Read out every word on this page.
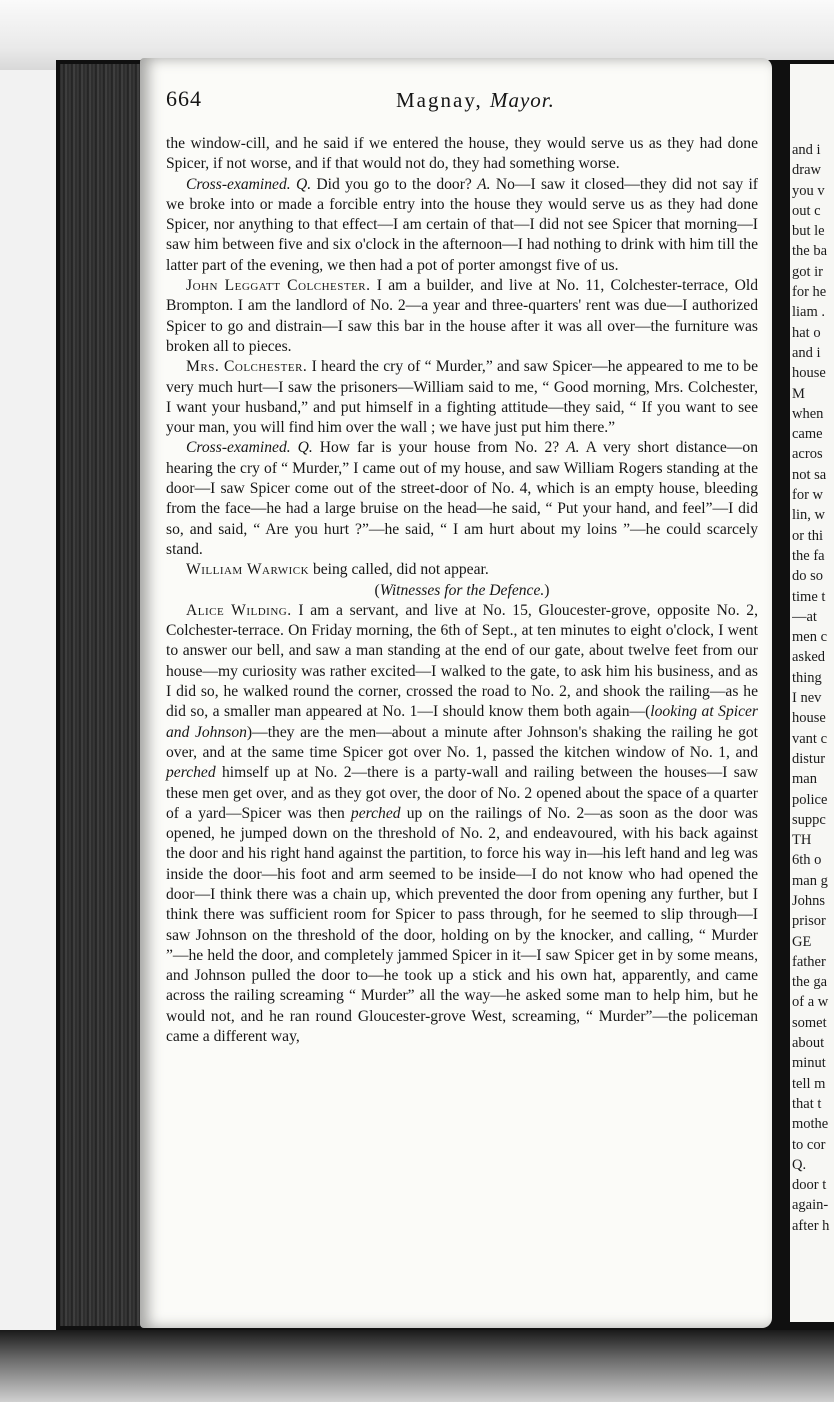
664	Magnay, Mayor.

the window-cill, and he said if we entered the house, they would serve us as they had done Spicer, if not worse, and if that would not do, they had something worse.

Cross-examined. Q. Did you go to the door? A. No—I saw it closed—they did not say if we broke into or made a forcible entry into the house they would serve us as they had done Spicer, nor anything to that effect—I am certain of that—I did not see Spicer that morning—I saw him between five and six o'clock in the afternoon—I had nothing to drink with him till the latter part of the evening, we then had a pot of porter amongst five of us.

John Leggatt Colchester. I am a builder, and live at No. 11, Colchester-terrace, Old Brompton. I am the landlord of No. 2—a year and three-quarters' rent was due—I authorized Spicer to go and distrain—I saw this bar in the house after it was all over—the furniture was broken all to pieces.

Mrs. Colchester. I heard the cry of “ Murder,” and saw Spicer—he appeared to me to be very much hurt—I saw the prisoners—William said to me, “ Good morning, Mrs. Colchester, I want your husband,” and put himself in a fighting attitude—they said, “ If you want to see your man, you will find him over the wall ; we have just put him there.”

Cross-examined. Q. How far is your house from No. 2? A. A very short distance—on hearing the cry of “ Murder,” I came out of my house, and saw William Rogers standing at the door—I saw Spicer come out of the street-door of No. 4, which is an empty house, bleeding from the face—he had a large bruise on the head—he said, “ Put your hand, and feel”—I did so, and said, “ Are you hurt ?”—he said, “ I am hurt about my loins ”—he could scarcely stand.

William Warwick being called, did not appear.

(Witnesses for the Defence.)

Alice Wilding. I am a servant, and live at No. 15, Gloucester-grove, opposite No. 2, Colchester-terrace. On Friday morning, the 6th of Sept., at ten minutes to eight o'clock, I went to answer our bell, and saw a man standing at the end of our gate, about twelve feet from our house—my curiosity was rather excited—I walked to the gate, to ask him his business, and as I did so, he walked round the corner, crossed the road to No. 2, and shook the railing—as he did so, a smaller man appeared at No. 1—I should know them both again—(looking at Spicer and Johnson)—they are the men—about a minute after Johnson's shaking the railing he got over, and at the same time Spicer got over No. 1, passed the kitchen window of No. 1, and perched himself up at No. 2—there is a party-wall and railing between the houses—I saw these men get over, and as they got over, the door of No. 2 opened about the space of a quarter of a yard—Spicer was then perched up on the railings of No. 2—as soon as the door was opened, he jumped down on the threshold of No. 2, and endeavoured, with his back against the door and his right hand against the partition, to force his way in—his left hand and leg was inside the door—his foot and arm seemed to be inside—I do not know who had opened the door—I think there was a chain up, which prevented the door from opening any further, but I think there was sufficient room for Spicer to pass through, for he seemed to slip through—I saw Johnson on the threshold of the door, holding on by the knocker, and calling, “ Murder ”—he held the door, and completely jammed Spicer in it—I saw Spicer get in by some means, and Johnson pulled the door to—he took up a stick and his own hat, apparently, and came across the railing screaming “ Murder” all the way—he asked some man to help him, but he would not, and he ran round Gloucester-grove West, screaming, “ Murder”—the policeman came a different way,

and i
draw
you v
out c
but le
the ba
got ir
for he
liam .
hat o
and i
house
M
when
came
acros
not sa
for w
lin, w
or thi
the fa
do so
time t
—at
men c
asked
thing
I nev
house
vant c
distur
man
police
suppc
TH
6th o
man g
Johns
prisor
GE
father
the ga
of a w
somet
about
minut
tell m
that t
mothe
to cor
Q.
door t
again-
after h
